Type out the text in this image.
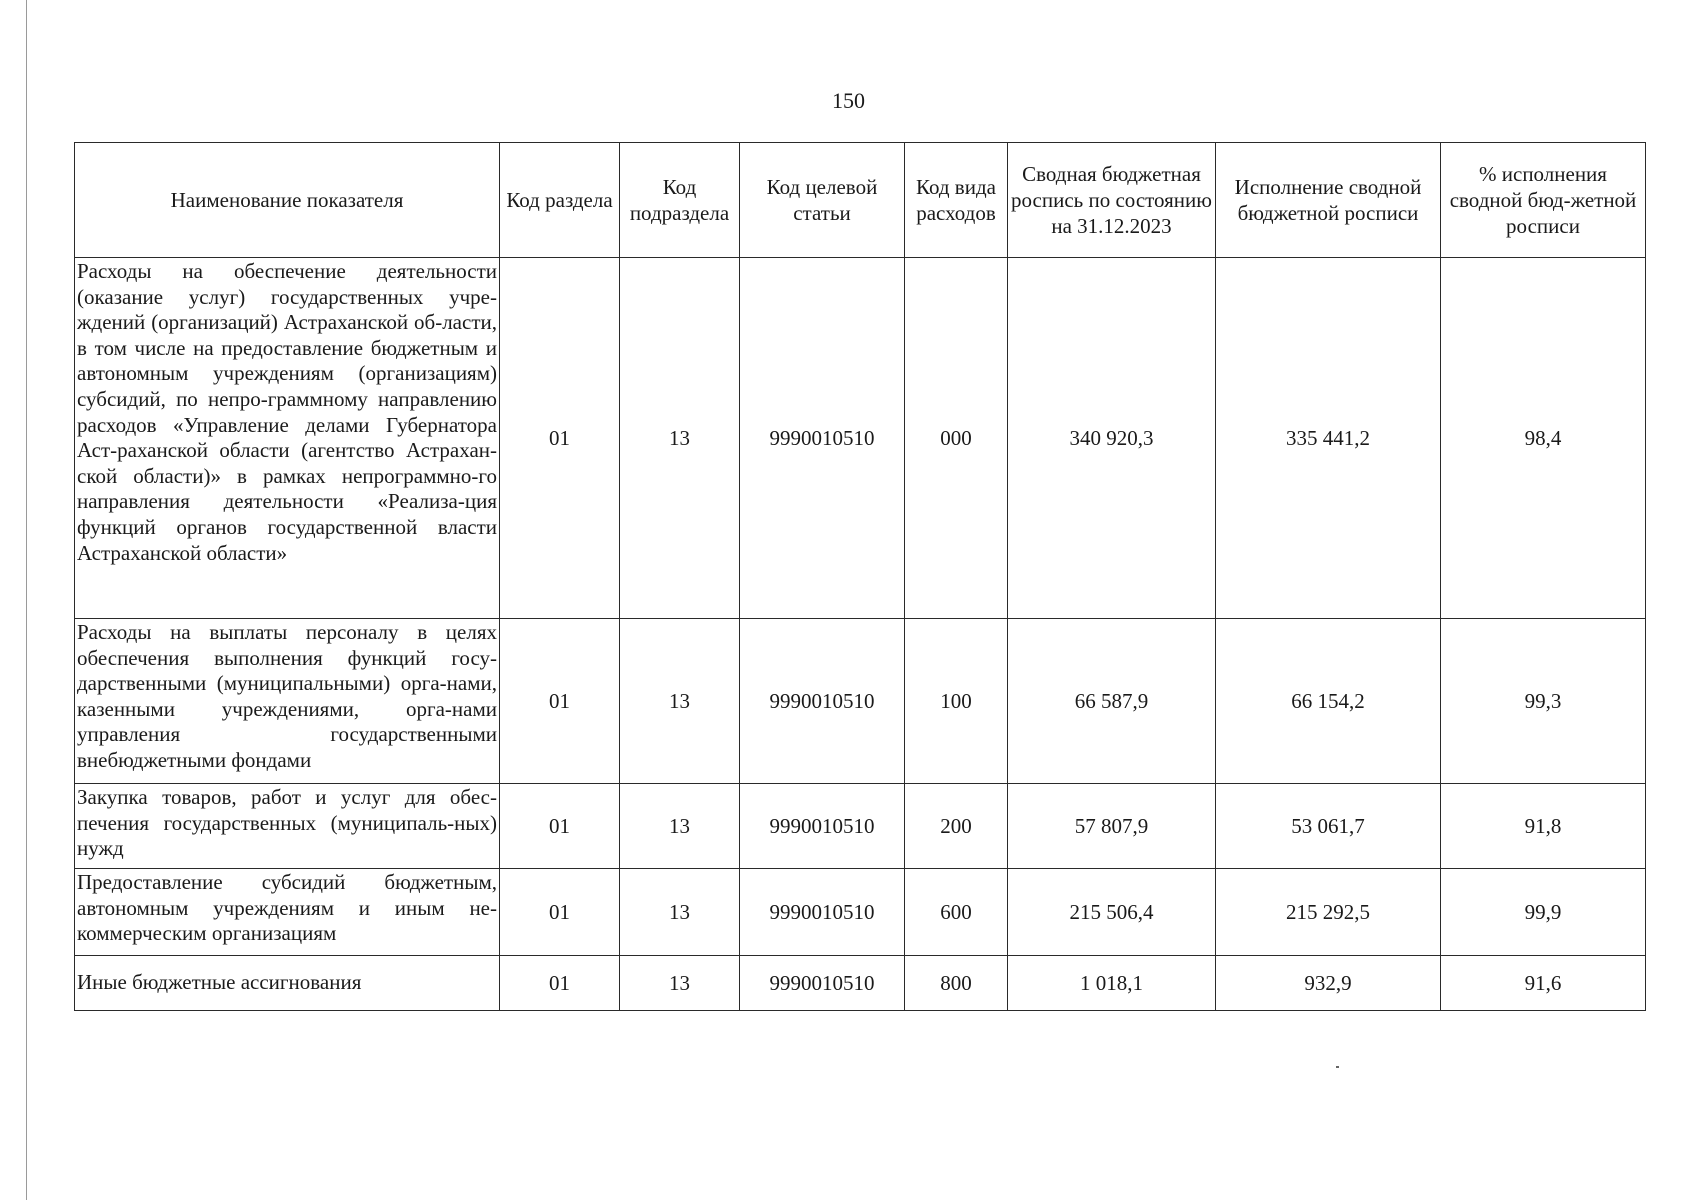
150
Наименование показателя	Код раздела	Код подраздела	Код целевой статьи	Код вида расходов	Сводная бюджетная роспись по состоянию на 31.12.2023	Исполнение сводной бюджетной росписи	% исполнения сводной бюд-жетной росписи
Расходы на обеспечение деятельности (оказание услуг) государственных учре-ждений (организаций) Астраханской об-ласти, в том числе на предоставление бюджетным и автономным учреждениям (организациям) субсидий, по непро-граммному направлению расходов «Управление делами Губернатора Аст-раханской области (агентство Астрахан-ской области)» в рамках непрограммно-го направления деятельности «Реализа-ция функций органов государственной власти Астраханской области»	01	13	9990010510	000	340 920,3	335 441,2	98,4
Расходы на выплаты персоналу в целях обеспечения выполнения функций госу-дарственными (муниципальными) орга-нами, казенными учреждениями, орга-нами управления государственными внебюджетными фондами	01	13	9990010510	100	66 587,9	66 154,2	99,3
Закупка товаров, работ и услуг для обес-печения государственных (муниципаль-ных) нужд	01	13	9990010510	200	57 807,9	53 061,7	91,8
Предоставление субсидий бюджетным, автономным учреждениям и иным не-коммерческим организациям	01	13	9990010510	600	215 506,4	215 292,5	99,9
Иные бюджетные ассигнования	01	13	9990010510	800	1 018,1	932,9	91,6
